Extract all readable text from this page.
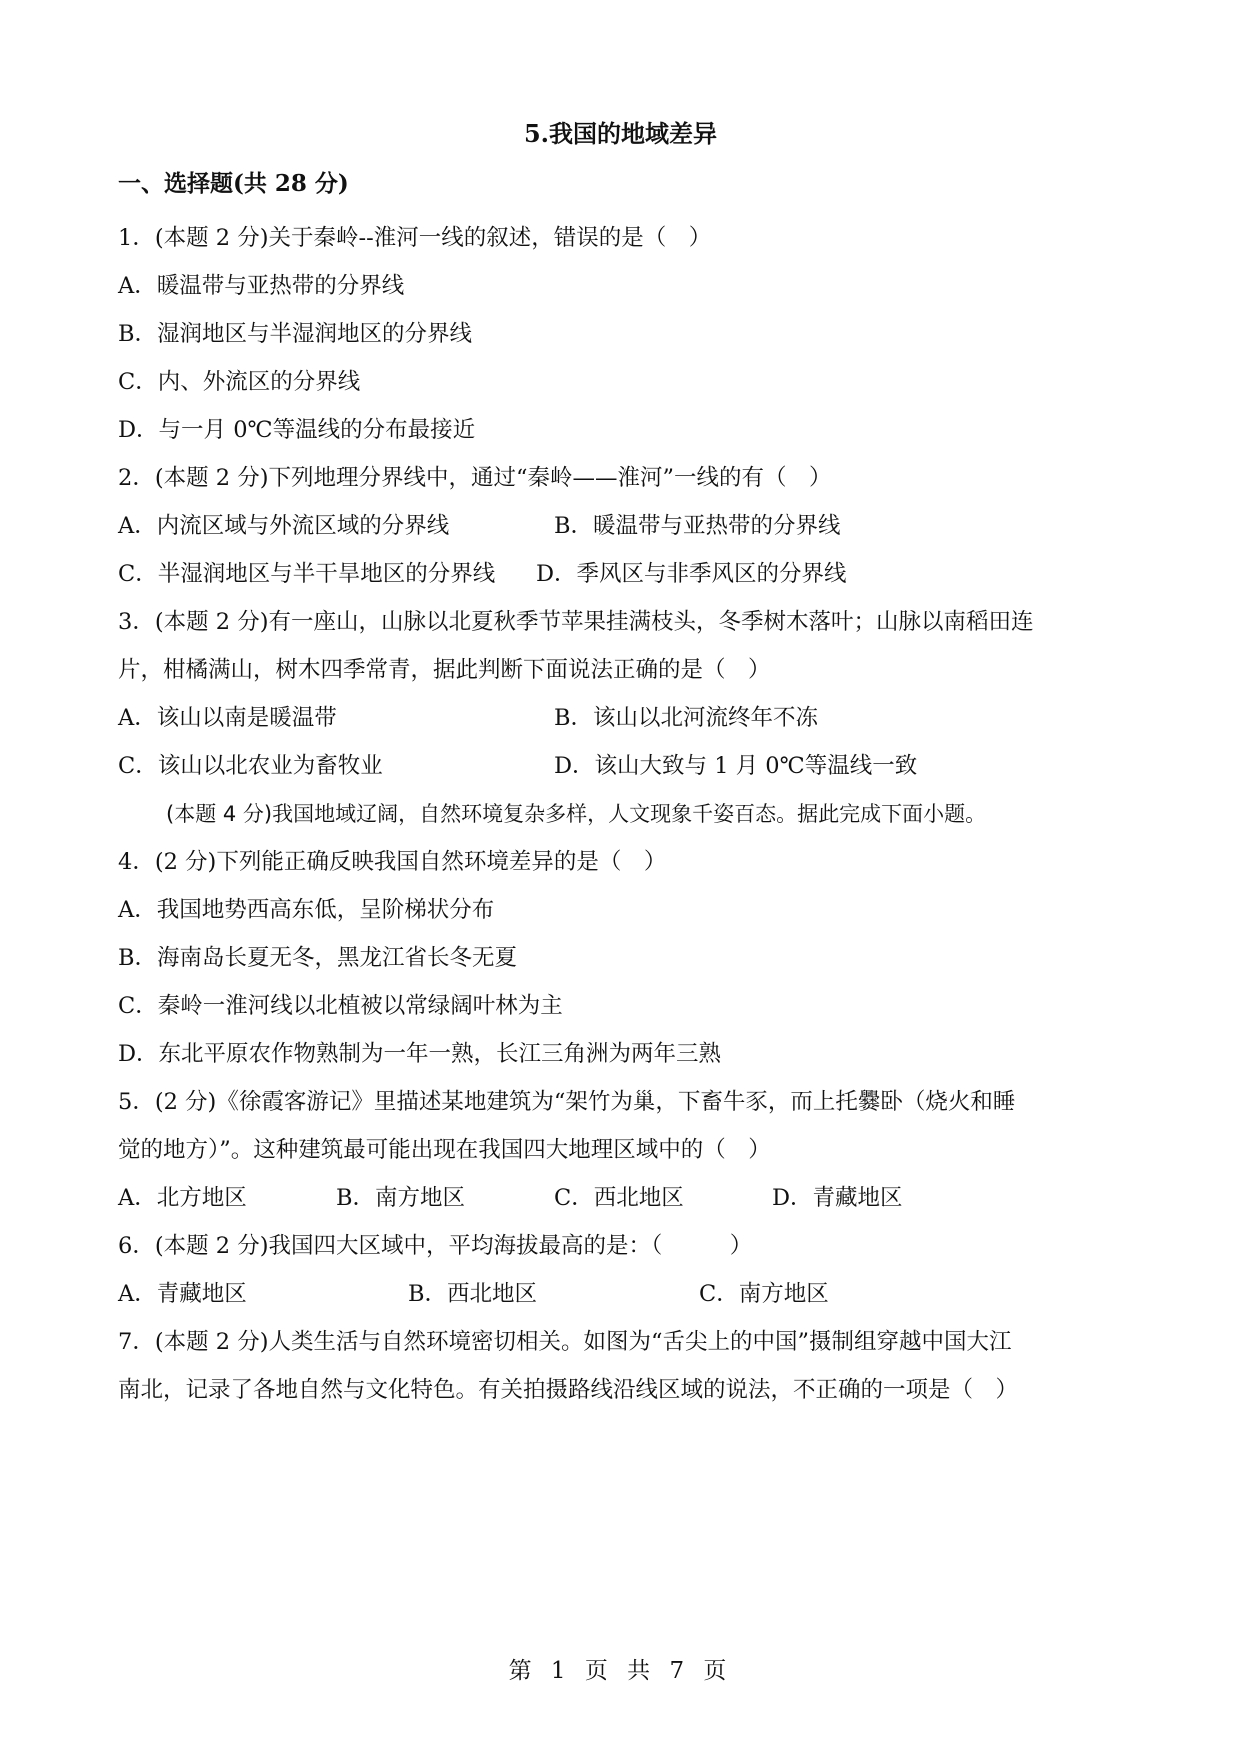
5.我国的地域差异
一、选择题(共 28 分)
1．(本题 2 分)关于秦岭--淮河一线的叙述，错误的是（　）
A．暖温带与亚热带的分界线
B．湿润地区与半湿润地区的分界线
C．内、外流区的分界线
D．与一月 0℃等温线的分布最接近
2．(本题 2 分)下列地理分界线中，通过“秦岭——淮河”一线的有（　）
A．内流区域与外流区域的分界线	B．暖温带与亚热带的分界线
C．半湿润地区与半干旱地区的分界线 D．季风区与非季风区的分界线
3．(本题 2 分)有一座山，山脉以北夏秋季节苹果挂满枝头，冬季树木落叶；山脉以南稻田连
片，柑橘满山，树木四季常青，据此判断下面说法正确的是（　）
A．该山以南是暖温带	B．该山以北河流终年不冻
C．该山以北农业为畜牧业	D．该山大致与 1 月 0℃等温线一致
(本题 4 分)我国地域辽阔，自然环境复杂多样，人文现象千姿百态。据此完成下面小题。
4．(2 分)下列能正确反映我国自然环境差异的是（　）
A．我国地势西高东低，呈阶梯状分布
B．海南岛长夏无冬，黑龙江省长冬无夏
C．秦岭一淮河线以北植被以常绿阔叶林为主
D．东北平原农作物熟制为一年一熟，长江三角洲为两年三熟
5．(2 分)《徐霞客游记》里描述某地建筑为“架竹为巢，下畜牛豕，而上托爨卧（烧火和睡
觉的地方）”。这种建筑最可能出现在我国四大地理区域中的（　）
A．北方地区	B．南方地区	C．西北地区	D．青藏地区
6．(本题 2 分)我国四大区域中，平均海拔最高的是：（　　　）
A．青藏地区	B．西北地区	C．南方地区
7．(本题 2 分)人类生活与自然环境密切相关。如图为“舌尖上的中国”摄制组穿越中国大江
南北，记录了各地自然与文化特色。有关拍摄路线沿线区域的说法，不正确的一项是（　）
第 1 页 共 7 页
